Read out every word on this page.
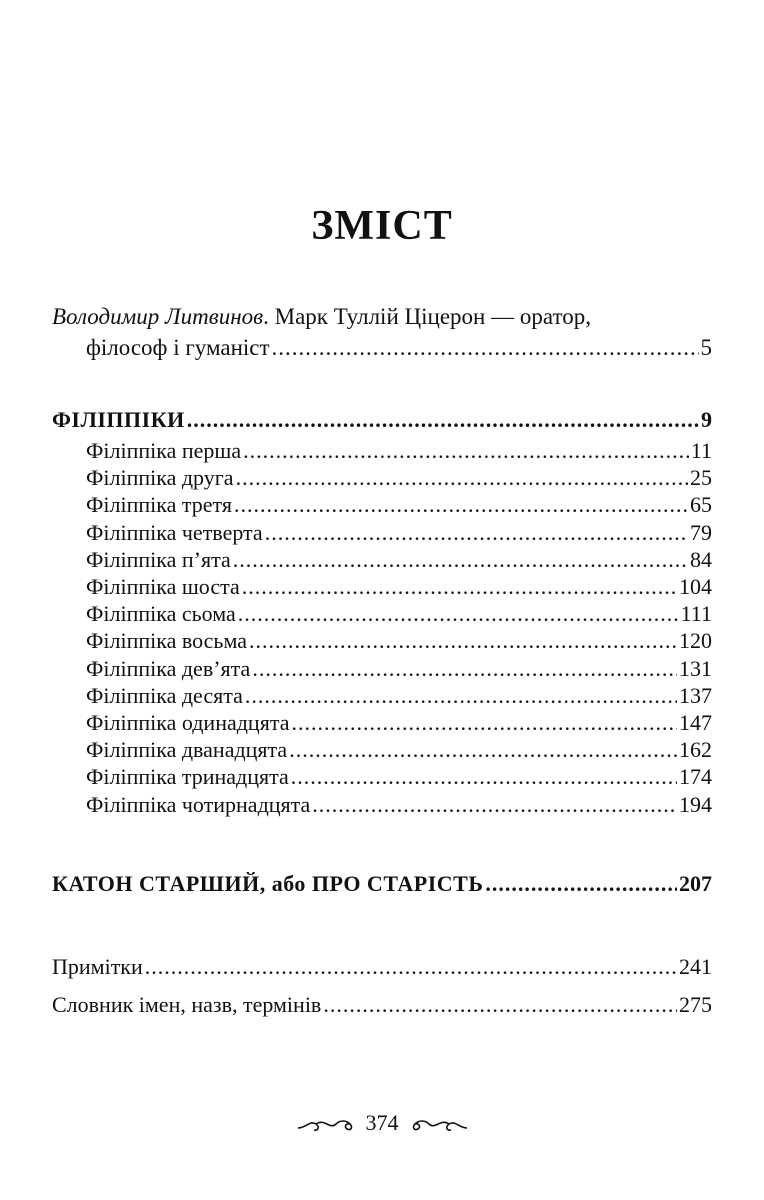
ЗМІСТ
Володимир Литвинов. Марк Туллій Ціцерон — оратор,
філософ і гуманіст .....	5
ФІЛІППІКИ .....	9
Філіппіка перша .....	11
Філіппіка друга .....	25
Філіппіка третя .....	65
Філіппіка четверта .....	79
Філіппіка п’ята .....	84
Філіппіка шоста .....	104
Філіппіка сьома .....	111
Філіппіка восьма .....	120
Філіппіка дев’ята .....	131
Філіппіка десята .....	137
Філіппіка одинадцята .....	147
Філіппіка дванадцята .....	162
Філіппіка тринадцята .....	174
Філіппіка чотирнадцята .....	194
КАТОН СТАРШИЙ, або ПРО СТАРІСТЬ .....	207
Примітки .....	241
Словник імен, назв, термінів .....	275
374
